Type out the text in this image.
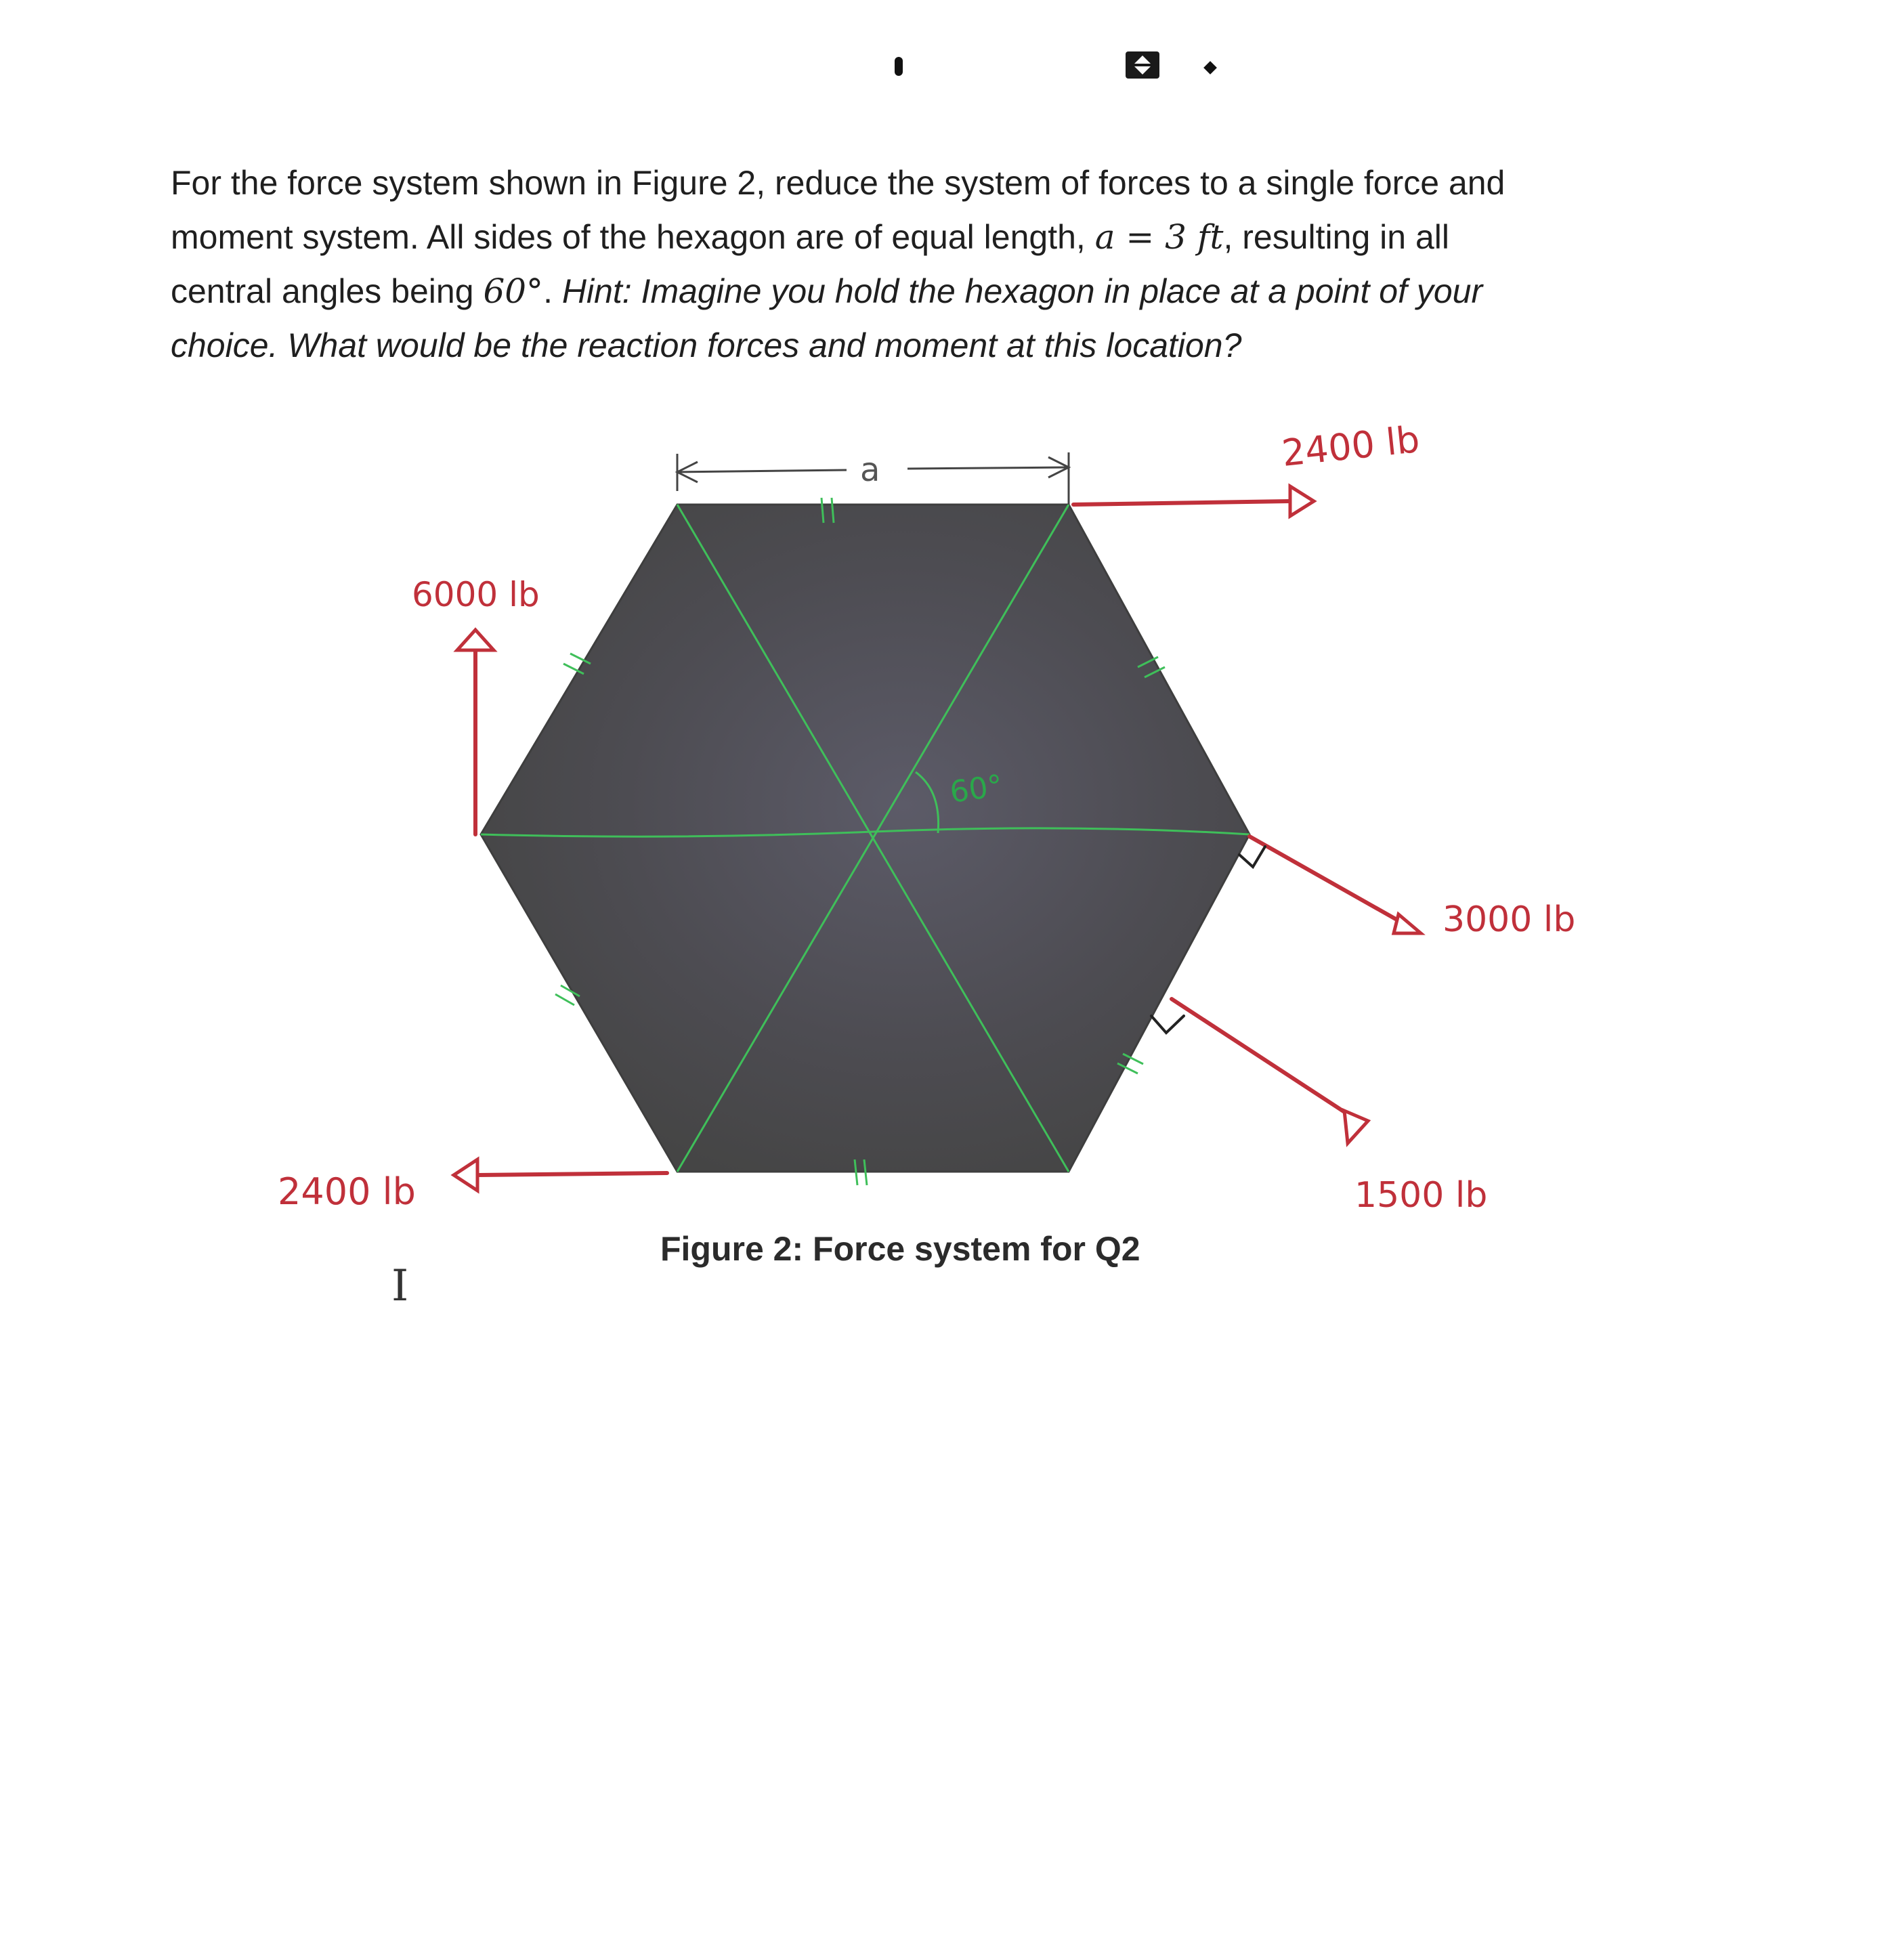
For the force system shown in Figure 2, reduce the system of forces to a single force and
moment system. All sides of the hexagon are of equal length, a = 3 ft, resulting in all
central angles being 60°. Hint: Imagine you hold the hexagon in place at a point of your
choice. What would be the reaction forces and moment at this location?
a
60°
2400 lb
6000 lb
3000 lb
1500 lb
2400 lb
Figure 2: Force system for Q2
I
